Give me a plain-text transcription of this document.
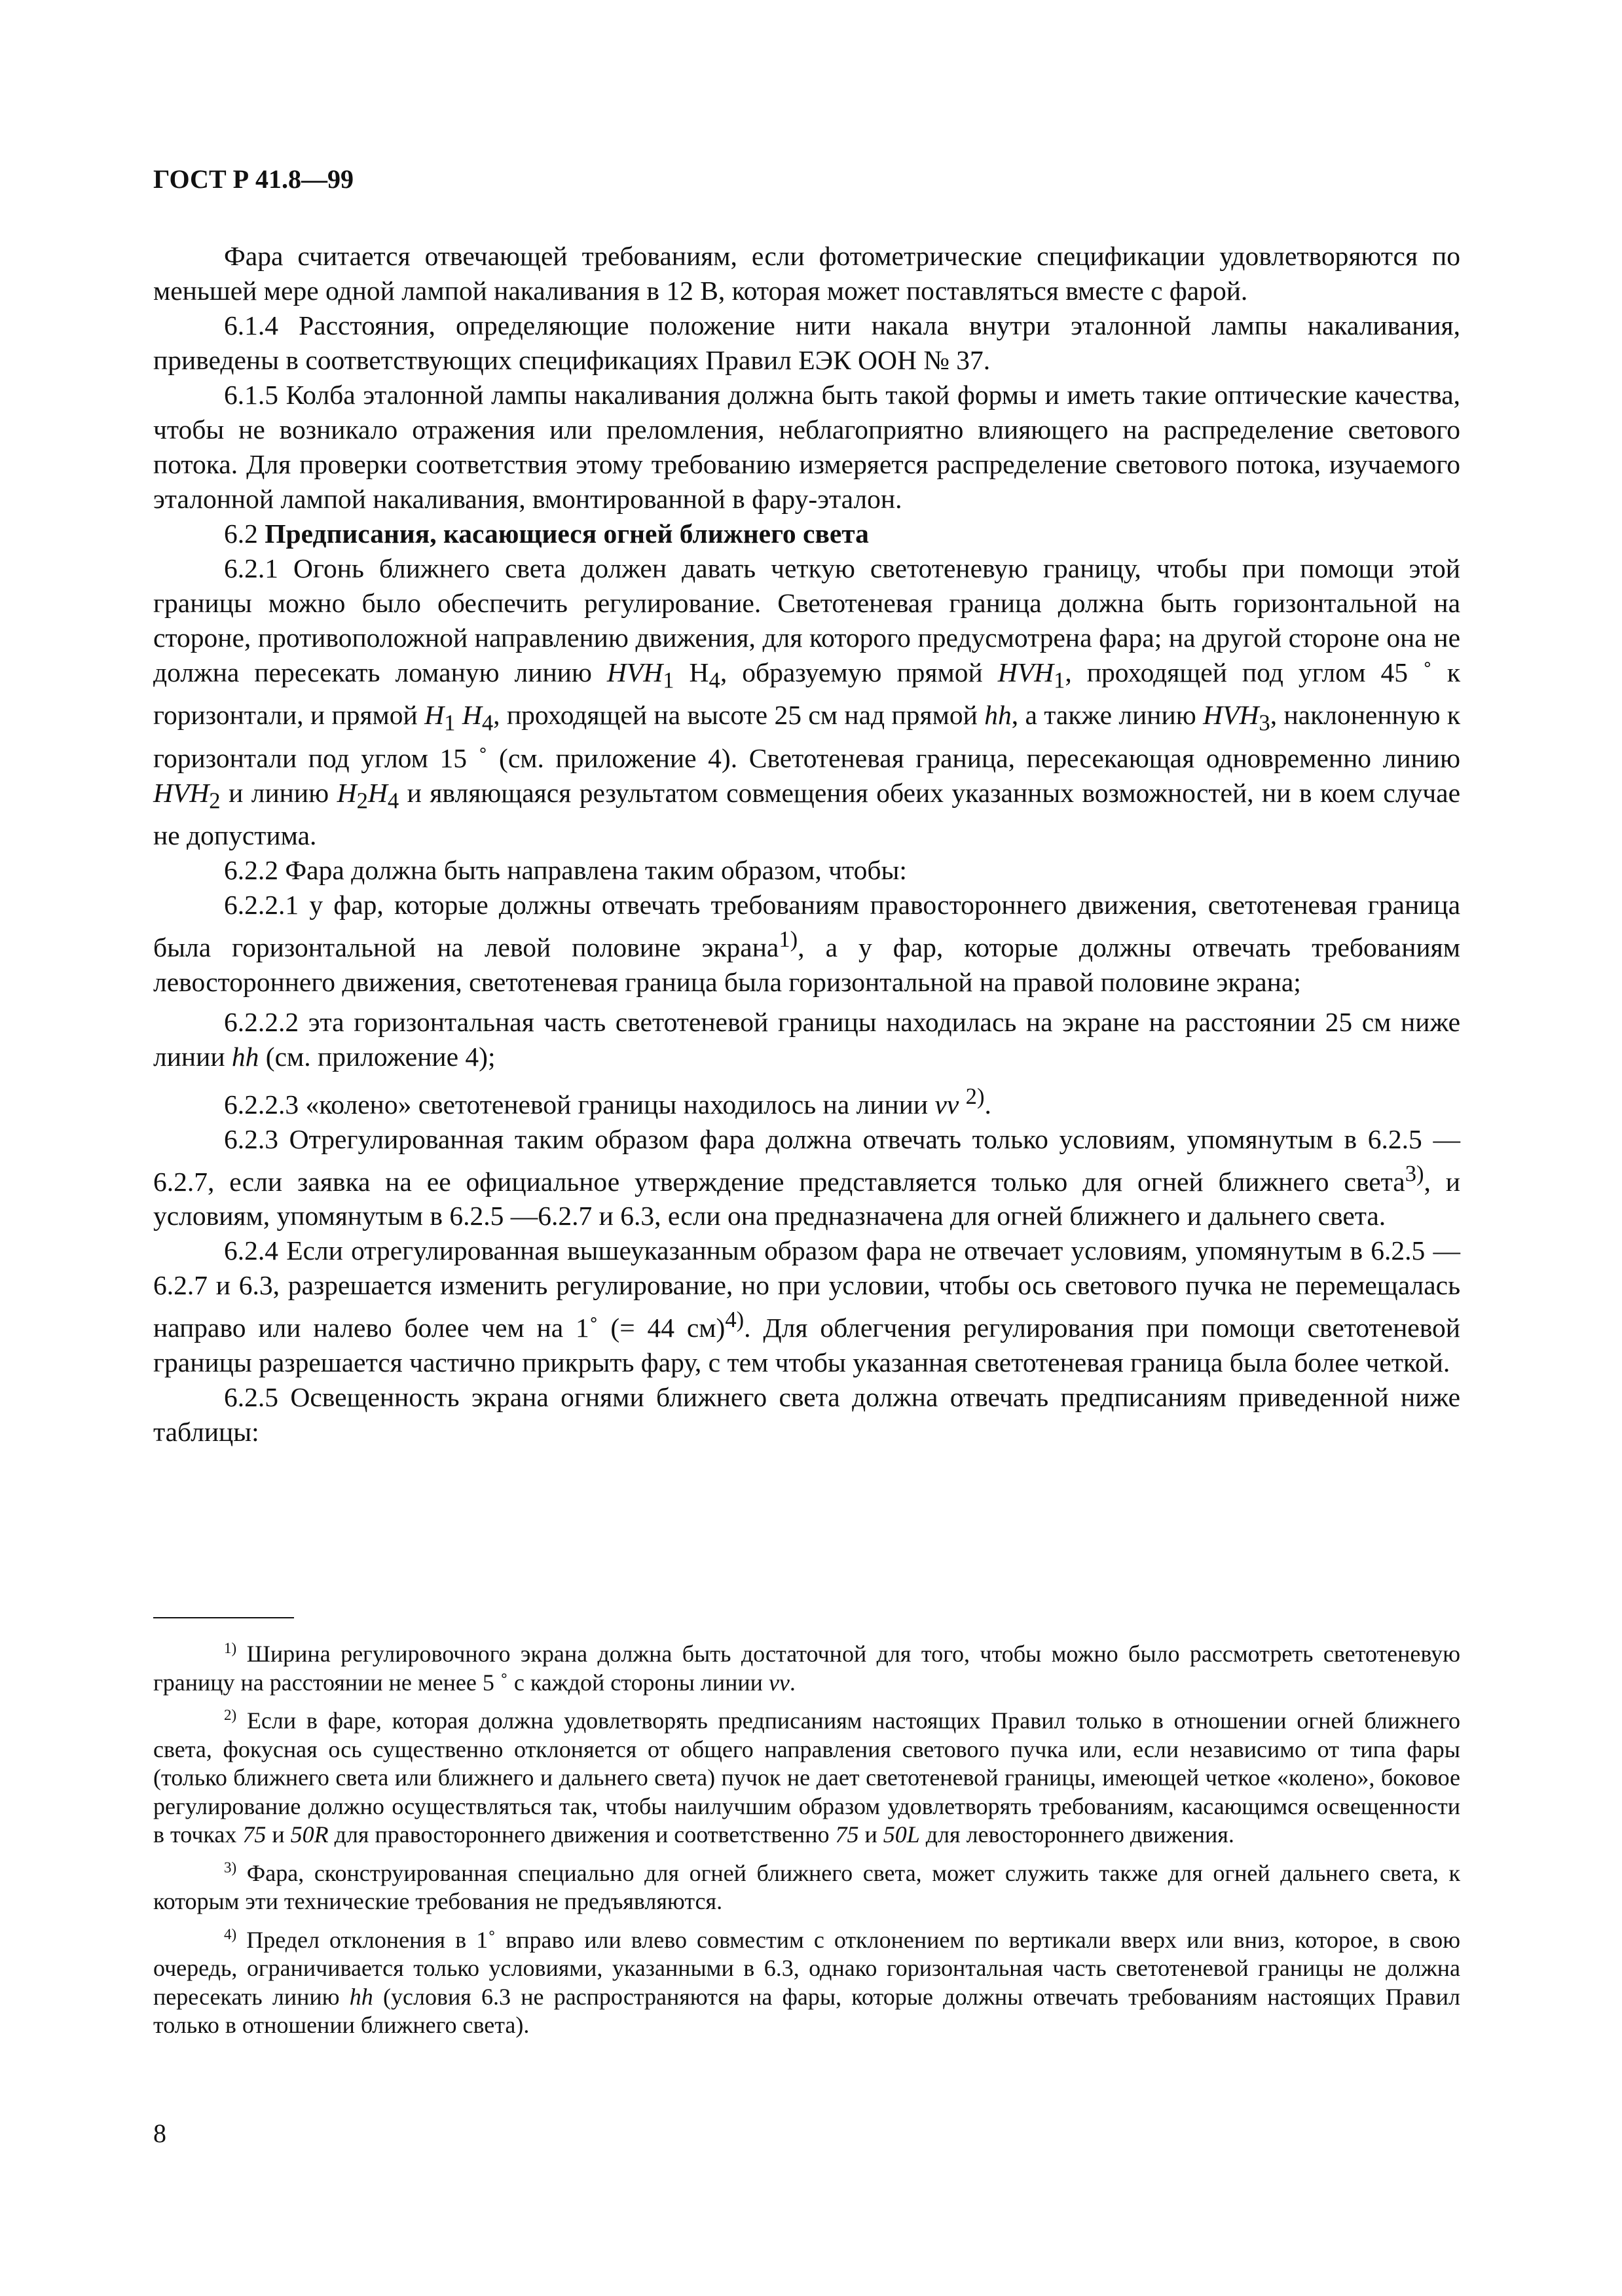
ГОСТ Р 41.8—99

Фара считается отвечающей требованиям, если фотометрические спецификации удовлетворяются по меньшей мере одной лампой накаливания в 12 В, которая может поставляться вместе с фарой.

6.1.4 Расстояния, определяющие положение нити накала внутри эталонной лампы накаливания, приведены в соответствующих спецификациях Правил ЕЭК ООН № 37.

6.1.5 Колба эталонной лампы накаливания должна быть такой формы и иметь такие оптические качества, чтобы не возникало отражения или преломления, неблагоприятно влияющего на распределение светового потока. Для проверки соответствия этому требованию измеряется распределение светового потока, изучаемого эталонной лампой накаливания, вмонтированной в фару-эталон.

6.2 Предписания, касающиеся огней ближнего света

6.2.1 Огонь ближнего света должен давать четкую светотеневую границу, чтобы при помощи этой границы можно было обеспечить регулирование. Светотеневая граница должна быть горизонтальной на стороне, противоположной направлению движения, для которого предусмотрена фара; на другой стороне она не должна пересекать ломаную линию $HVH_1$ $H_4$, образуемую прямой $HVH_1$, проходящей под углом 45 ˚ к горизонтали, и прямой $H_1$ $H_4$, проходящей на высоте 25 см над прямой hh, а также линию $HVH_3$, наклоненную к горизонтали под углом 15 ˚ (см. приложение 4). Светотеневая граница, пересекающая одновременно линию $HVH_2$ и линию $H_2H_4$ и являющаяся результатом совмещения обеих указанных возможностей, ни в коем случае не допустима.

6.2.2 Фара должна быть направлена таким образом, чтобы:

6.2.2.1 у фар, которые должны отвечать требованиям правостороннего движения, светотеневая граница была горизонтальной на левой половине экрана$^{1)}$, а у фар, которые должны отвечать требованиям левостороннего движения, светотеневая граница была горизонтальной на правой половине экрана;

6.2.2.2 эта горизонтальная часть светотеневой границы находилась на экране на расстоянии 25 см ниже линии hh (см. приложение 4);

6.2.2.3 «колено» светотеневой границы находилось на линии vv $^{2)}$.

6.2.3 Отрегулированная таким образом фара должна отвечать только условиям, упомянутым в 6.2.5 —6.2.7, если заявка на ее официальное утверждение представляется только для огней ближнего света$^{3)}$, и условиям, упомянутым в 6.2.5 —6.2.7 и 6.3, если она предназначена для огней ближнего и дальнего света.

6.2.4 Если отрегулированная вышеуказанным образом фара не отвечает условиям, упомянутым в 6.2.5 — 6.2.7 и 6.3, разрешается изменить регулирование, но при условии, чтобы ось светового пучка не перемещалась направо или налево более чем на 1˚ (= 44 см)$^{4)}$. Для облегчения регулирования при помощи светотеневой границы разрешается частично прикрыть фару, с тем чтобы указанная светотеневая граница была более четкой.

6.2.5 Освещенность экрана огнями ближнего света должна отвечать предписаниям приведенной ниже таблицы:

$^{1)}$ Ширина регулировочного экрана должна быть достаточной для того, чтобы можно было рассмотреть светотеневую границу на расстоянии не менее 5 ˚ с каждой стороны линии vv.

$^{2)}$ Если в фаре, которая должна удовлетворять предписаниям настоящих Правил только в отношении огней ближнего света, фокусная ось существенно отклоняется от общего направления светового пучка или, если независимо от типа фары (только ближнего света или ближнего и дальнего света) пучок не дает светотеневой границы, имеющей четкое «колено», боковое регулирование должно осуществляться так, чтобы наилучшим образом удовлетворять требованиям, касающимся освещенности в точках 75 и 50R для правостороннего движения и соответственно 75 и 50L для левостороннего движения.

$^{3)}$ Фара, сконструированная специально для огней ближнего света, может служить также для огней дальнего света, к которым эти технические требования не предъявляются.

$^{4)}$ Предел отклонения в 1˚ вправо или влево совместим с отклонением по вертикали вверх или вниз, которое, в свою очередь, ограничивается только условиями, указанными в 6.3, однако горизонтальная часть светотеневой границы не должна пересекать линию hh (условия 6.3 не распространяются на фары, которые должны отвечать требованиям настоящих Правил только в отношении ближнего света).

8
